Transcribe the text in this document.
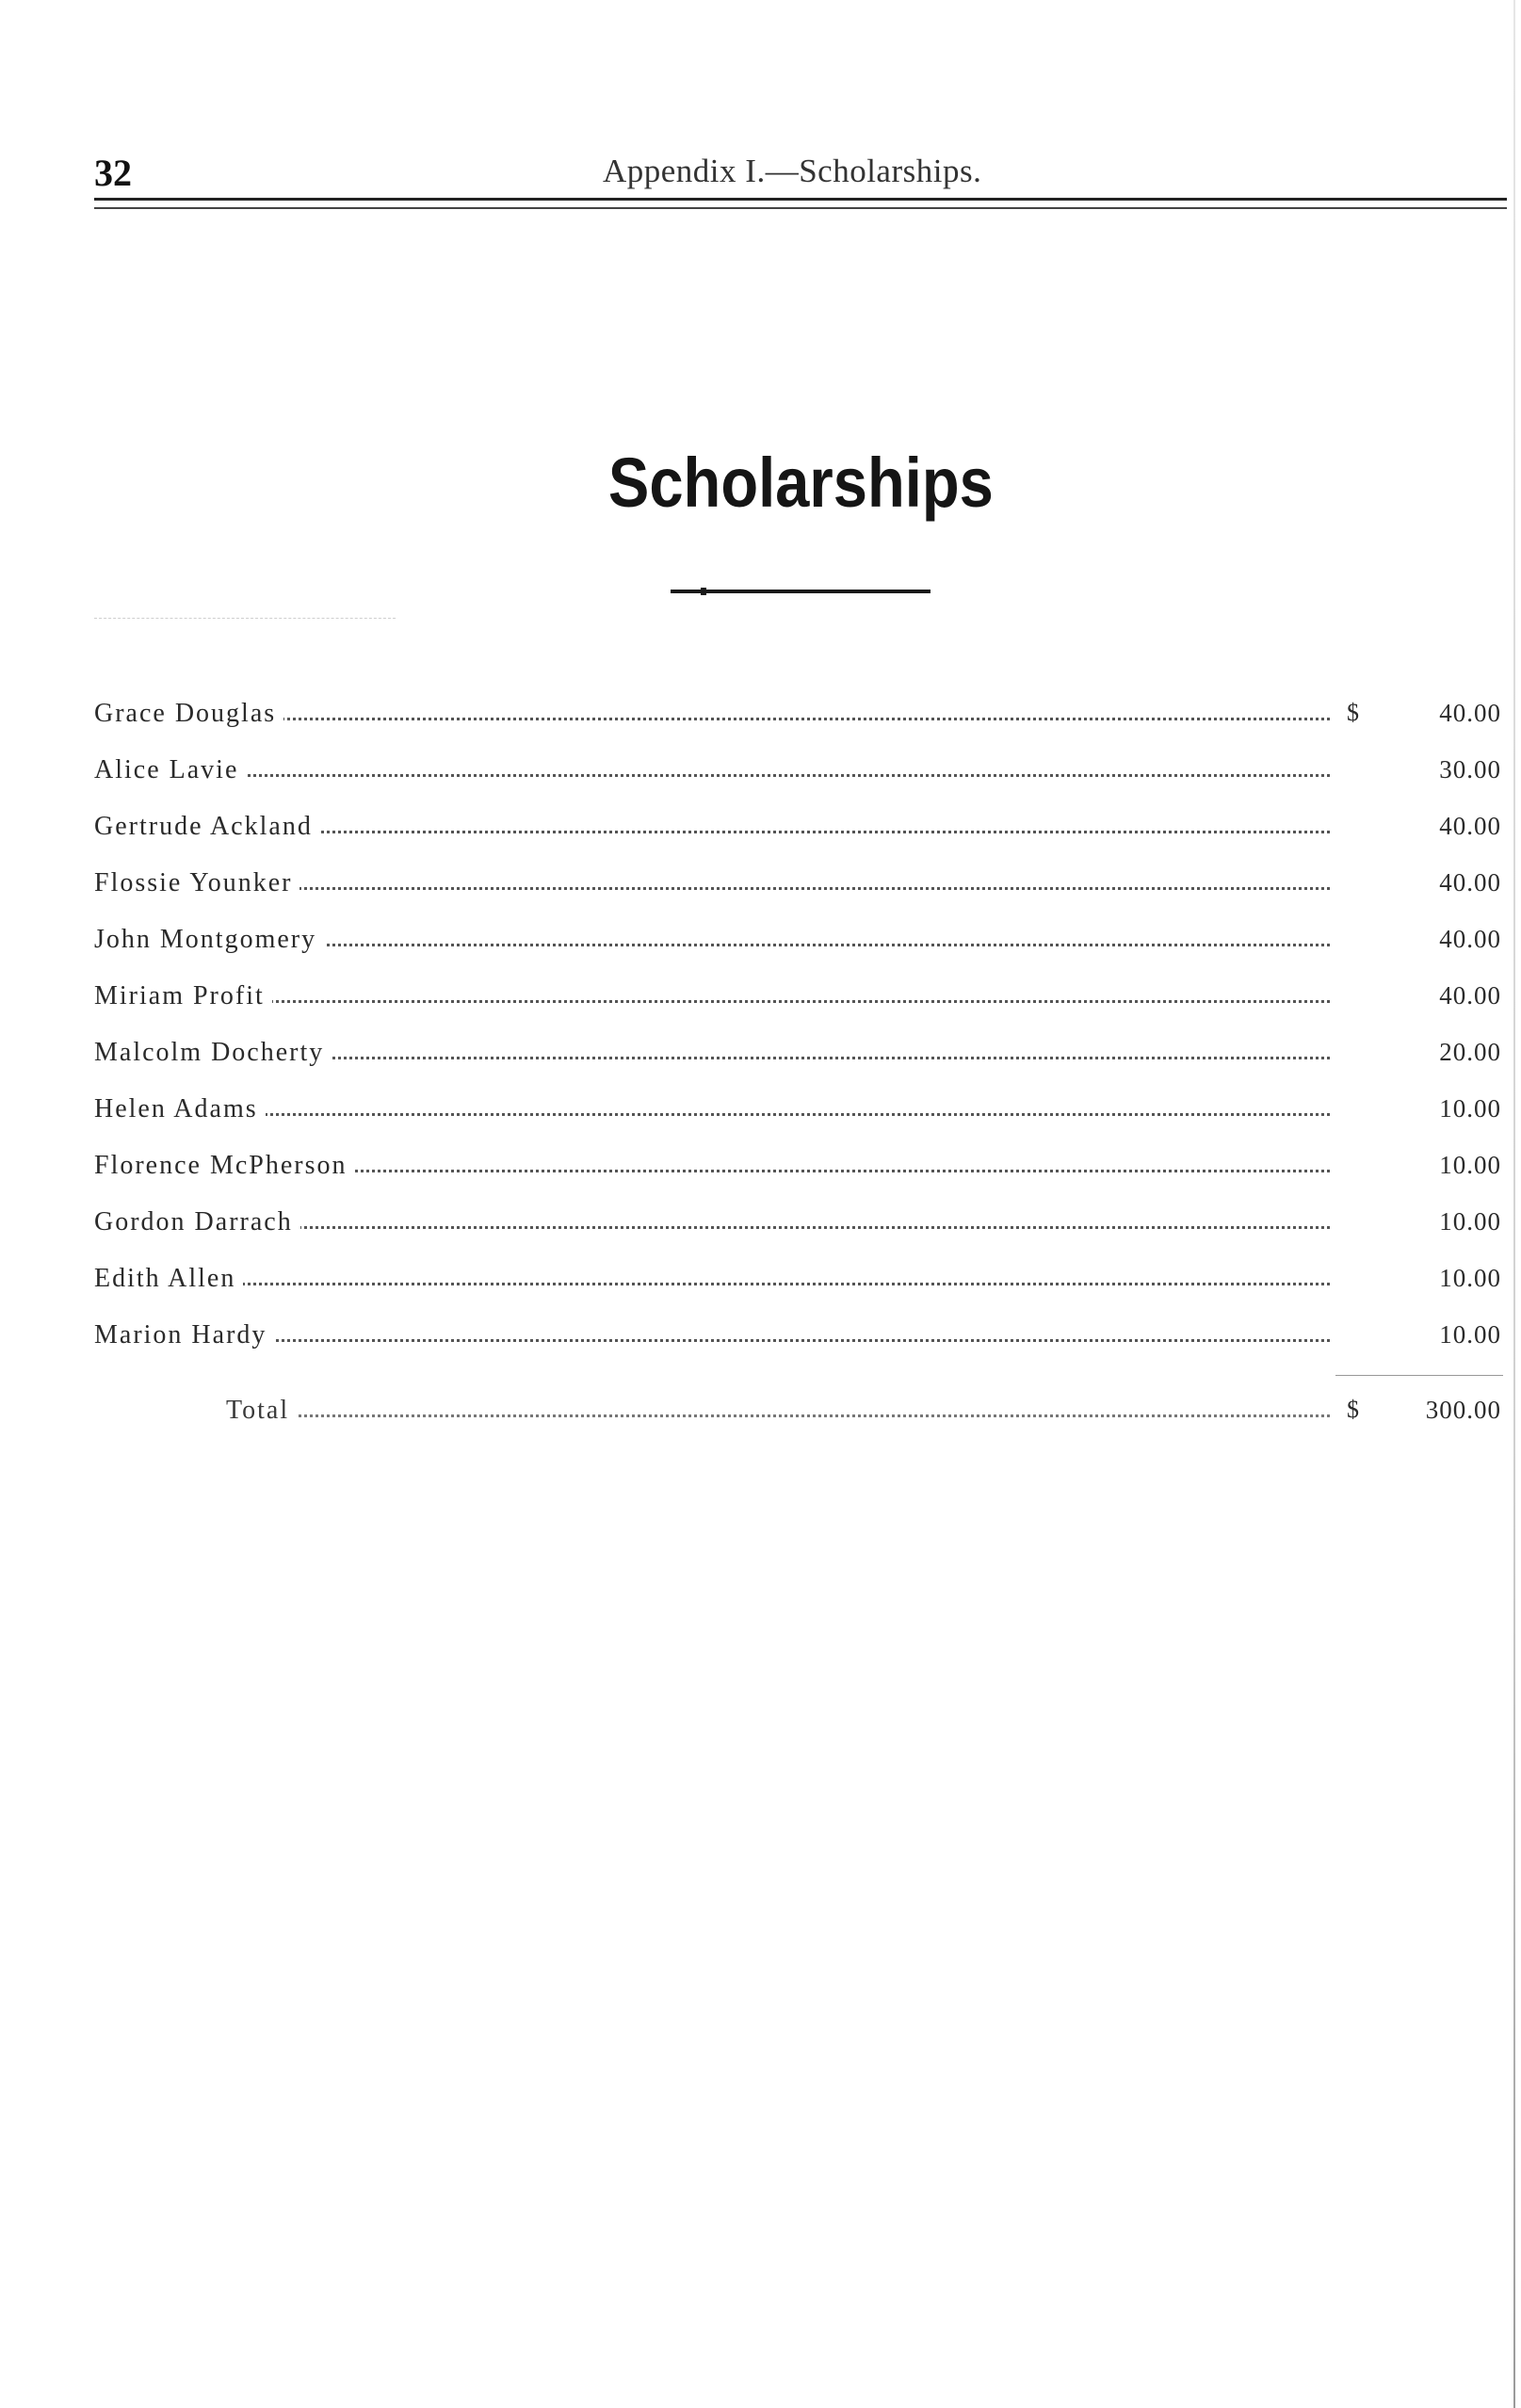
32	Appendix I.—Scholarships.
Scholarships
Grace Douglas	$	40.00
Alice Lavie	30.00
Gertrude Ackland	40.00
Flossie Younker	40.00
John Montgomery	40.00
Miriam Profit	40.00
Malcolm Docherty	20.00
Helen Adams	10.00
Florence McPherson	10.00
Gordon Darrach	10.00
Edith Allen	10.00
Marion Hardy	10.00
Total	$	300.00
